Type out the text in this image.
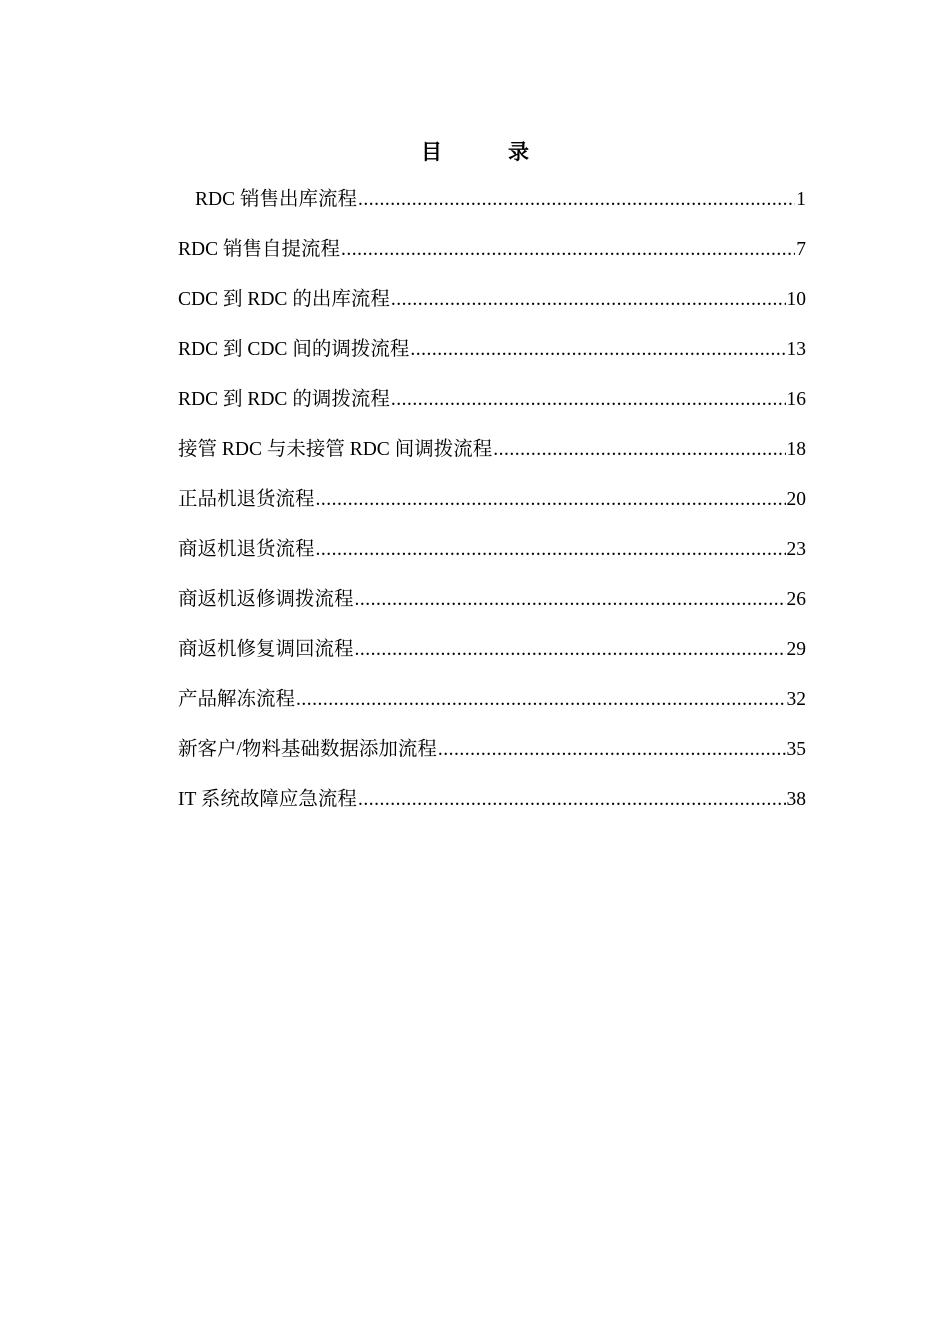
目	录
RDC 销售出库流程 .....	1
RDC 销售自提流程 .....	7
CDC 到 RDC 的出库流程 .....	10
RDC 到 CDC 间的调拨流程 .....	13
RDC 到 RDC 的调拨流程 .....	16
接管 RDC 与未接管 RDC 间调拨流程 .....	18
正品机退货流程 .....	20
商返机退货流程 .....	23
商返机返修调拨流程 .....	26
商返机修复调回流程 .....	29
产品解冻流程 .....	32
新客户/物料基础数据添加流程 .....	35
IT 系统故障应急流程 .....	38
